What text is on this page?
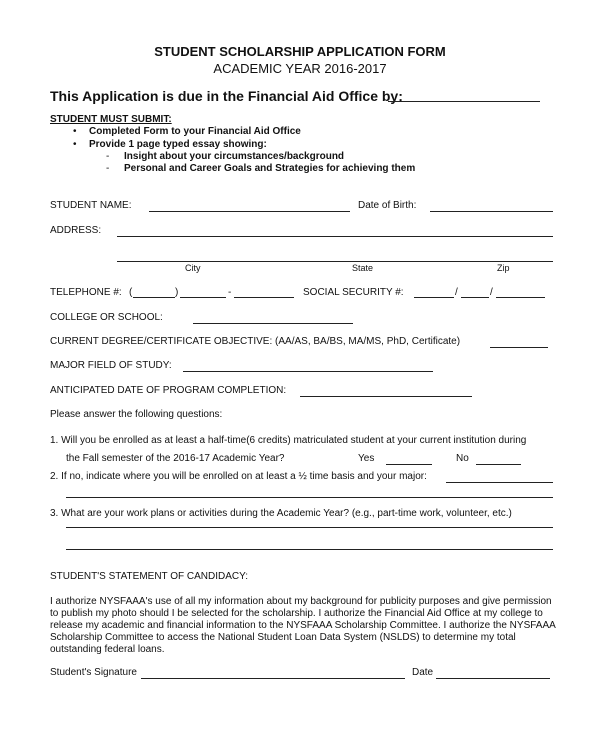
STUDENT SCHOLARSHIP APPLICATION FORM
ACADEMIC YEAR 2016-2017
This Application is due in the Financial Aid Office by:
STUDENT MUST SUBMIT:
• Completed Form to your Financial Aid Office
• Provide 1 page typed essay showing:
- Insight about your circumstances/background
- Personal and Career Goals and Strategies for achieving them
STUDENT NAME:	Date of Birth:
ADDRESS:
City	State	Zip
TELEPHONE #: (	)	-	SOCIAL SECURITY #:	/	/
COLLEGE OR SCHOOL:
CURRENT DEGREE/CERTIFICATE OBJECTIVE: (AA/AS, BA/BS, MA/MS, PhD, Certificate)
MAJOR FIELD OF STUDY:
ANTICIPATED DATE OF PROGRAM COMPLETION:
Please answer the following questions:
1. Will you be enrolled as at least a half-time(6 credits) matriculated student at your current institution during
the Fall semester of the 2016-17 Academic Year?	Yes	No
2. If no, indicate where you will be enrolled on at least a ½ time basis and your major:
3. What are your work plans or activities during the Academic Year? (e.g., part-time work, volunteer, etc.)
STUDENT'S STATEMENT OF CANDIDACY:
I authorize NYSFAAA's use of all my information about my background for publicity purposes and give permission to publish my photo should I be selected for the scholarship. I authorize the Financial Aid Office at my college to release my academic and financial information to the NYSFAAA Scholarship Committee. I authorize the NYSFAAA Scholarship Committee to access the National Student Loan Data System (NSLDS) to determine my total outstanding federal loans.
Student's Signature	Date
